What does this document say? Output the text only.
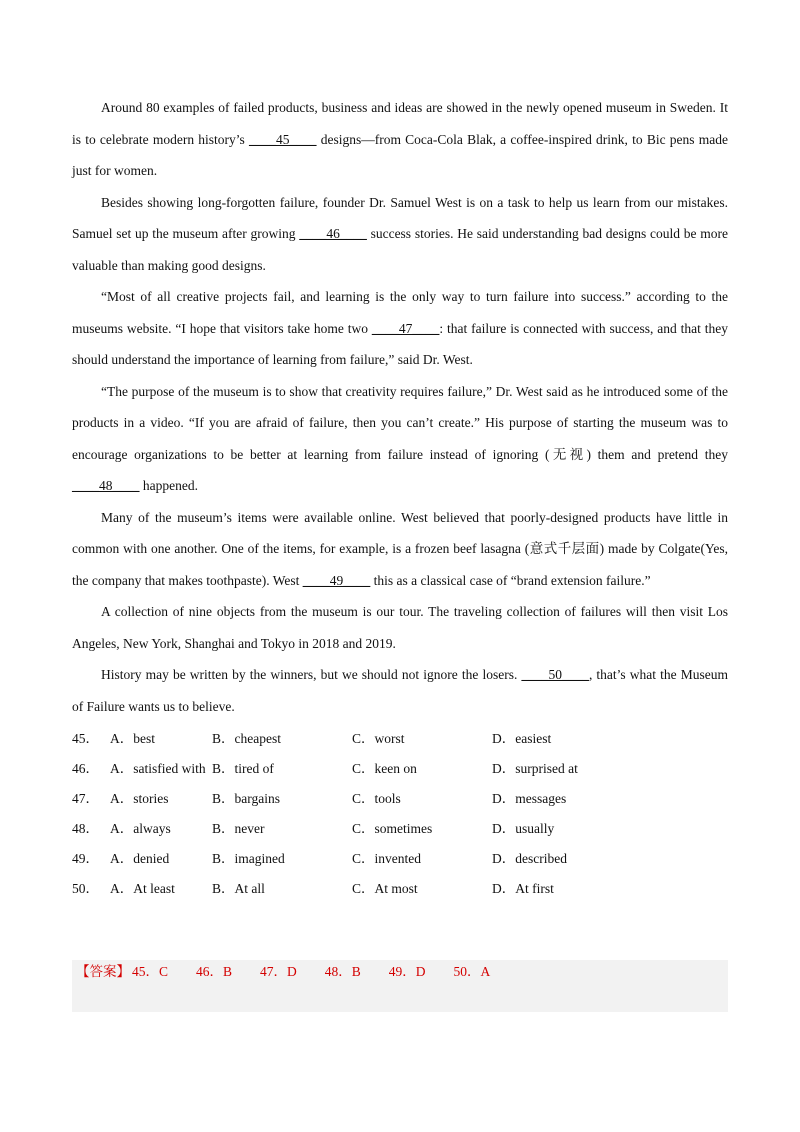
Around 80 examples of failed products, business and ideas are showed in the newly opened museum in Sweden. It is to celebrate modern history’s ____45____ designs—from Coca-Cola Blak, a coffee-inspired drink, to Bic pens made just for women.

Besides showing long-forgotten failure, founder Dr. Samuel West is on a task to help us learn from our mistakes. Samuel set up the museum after growing ____46____ success stories. He said understanding bad designs could be more valuable than making good designs.

“Most of all creative projects fail, and learning is the only way to turn failure into success.” according to the museums website. “I hope that visitors take home two ____47____: that failure is connected with success, and that they should understand the importance of learning from failure,” said Dr. West.

“The purpose of the museum is to show that creativity requires failure,” Dr. West said as he introduced some of the products in a video. “If you are afraid of failure, then you can’t create.” His purpose of starting the museum was to encourage organizations to be better at learning from failure instead of ignoring (无视) them and pretend they ____48____ happened.

Many of the museum’s items were available online. West believed that poorly-designed products have little in common with one another. One of the items, for example, is a frozen beef lasagna (意式千层面) made by Colgate(Yes, the company that makes toothpaste). West ____49____ this as a classical case of “brand extension failure.”

A collection of nine objects from the museum is our tour. The traveling collection of failures will then visit Los Angeles, New York, Shanghai and Tokyo in 2018 and 2019.

History may be written by the winners, but we should not ignore the losers. ____50____, that’s what the Museum of Failure wants us to believe.

45． A．best	B．cheapest	C．worst	D．easiest
46． A．satisfied with B．tired of	C．keen on	D．surprised at
47． A．stories	B．bargains	C．tools	D．messages
48． A．always	B．never	C．sometimes	D．usually
49． A．denied	B．imagined	C．invented	D．described
50． A．At least	B．At all	C．At most	D．At first
【答案】 45．C 46．B 47．D 48．B 49．D 50．A
